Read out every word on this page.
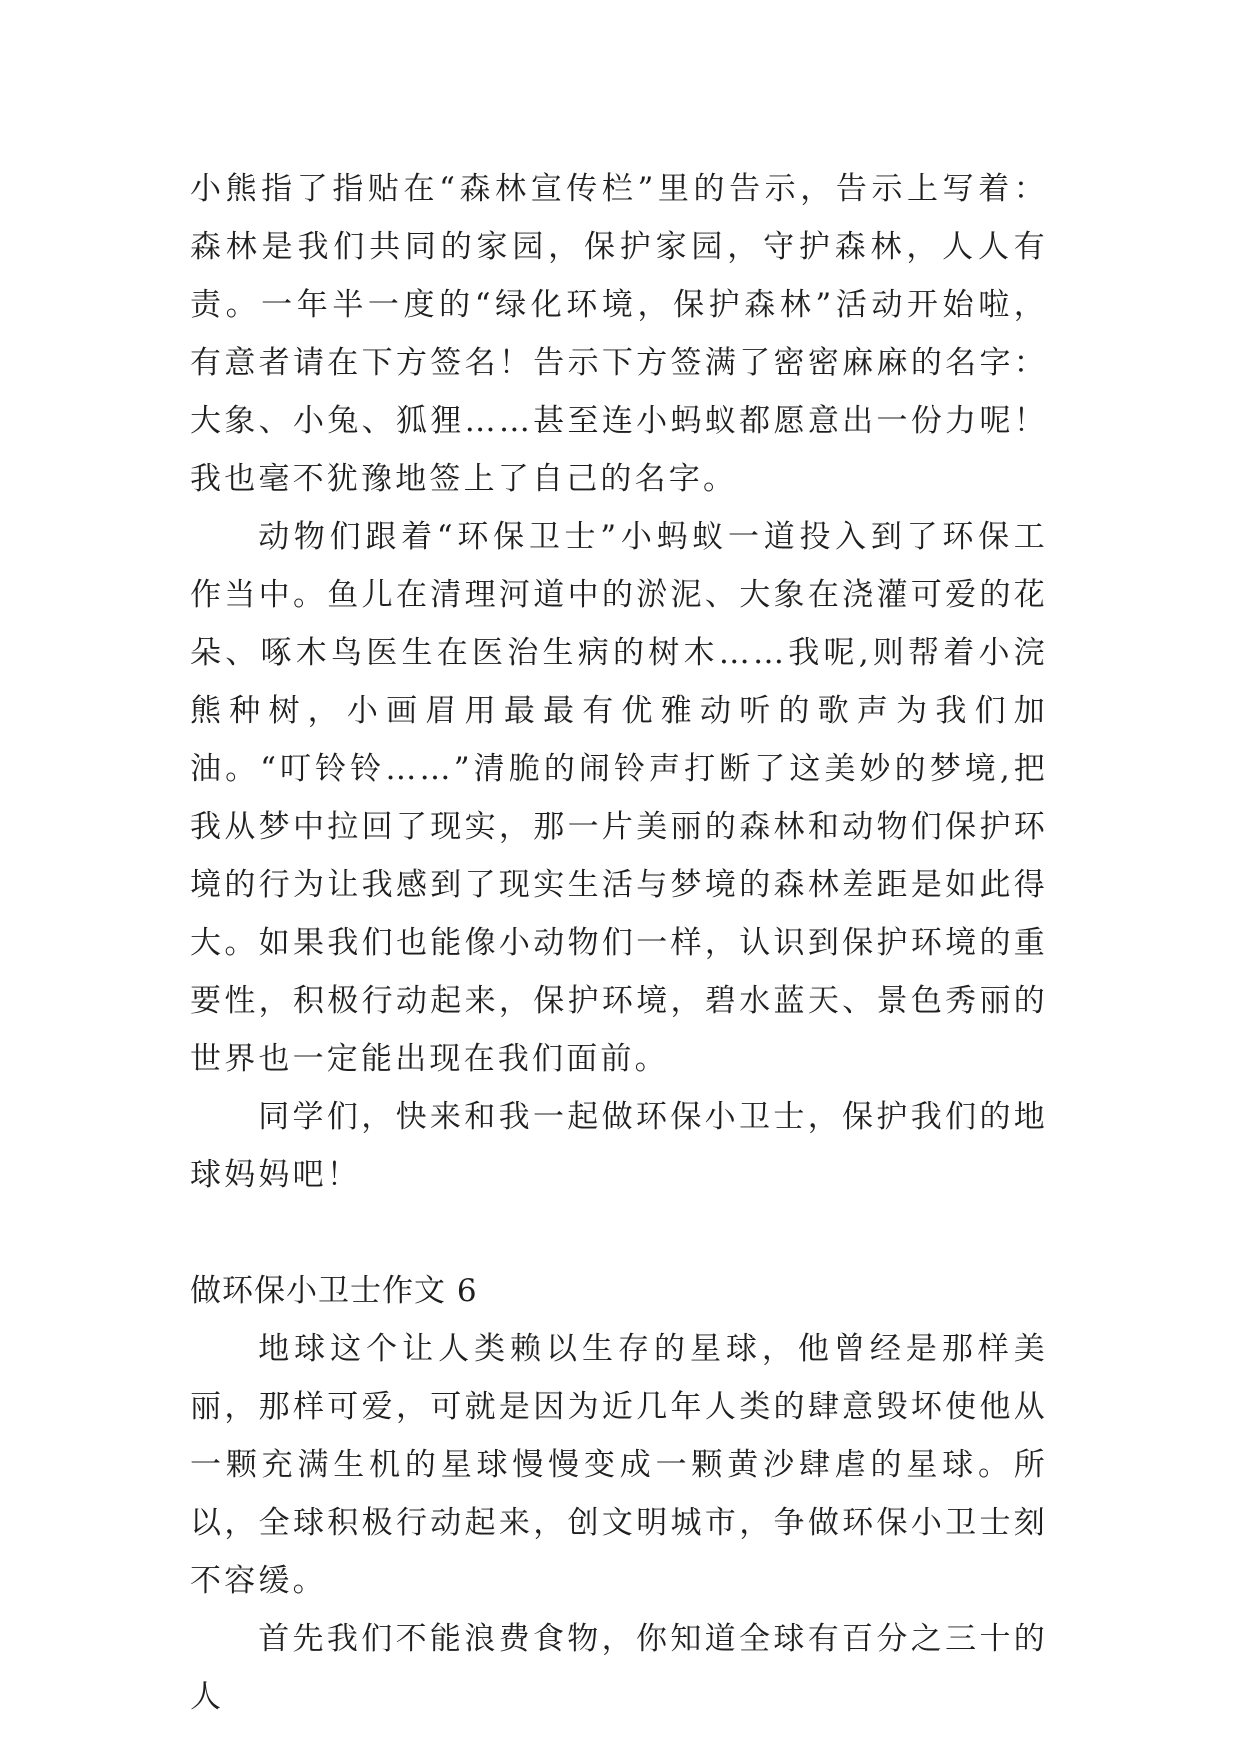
小熊指了指贴在“森林宣传栏”里的告示，告示上写着：森林是我们共同的家园，保护家园，守护森林，人人有责。一年半一度的“绿化环境，保护森林”活动开始啦，有意者请在下方签名！告示下方签满了密密麻麻的名字：大象、小兔、狐狸……甚至连小蚂蚁都愿意出一份力呢！我也毫不犹豫地签上了自己的名字。

动物们跟着“环保卫士”小蚂蚁一道投入到了环保工作当中。鱼儿在清理河道中的淤泥、大象在浇灌可爱的花朵、啄木鸟医生在医治生病的树木……我呢,则帮着小浣熊种树，小画眉用最最有优雅动听的歌声为我们加油。“叮铃铃……”清脆的闹铃声打断了这美妙的梦境,把我从梦中拉回了现实，那一片美丽的森林和动物们保护环境的行为让我感到了现实生活与梦境的森林差距是如此得大。如果我们也能像小动物们一样，认识到保护环境的重要性，积极行动起来，保护环境，碧水蓝天、景色秀丽的世界也一定能出现在我们面前。

同学们，快来和我一起做环保小卫士，保护我们的地球妈妈吧！

做环保小卫士作文 6

地球这个让人类赖以生存的星球，他曾经是那样美丽，那样可爱，可就是因为近几年人类的肆意毁坏使他从一颗充满生机的星球慢慢变成一颗黄沙肆虐的星球。所以，全球积极行动起来，创文明城市，争做环保小卫士刻不容缓。

首先我们不能浪费食物，你知道全球有百分之三十的人
